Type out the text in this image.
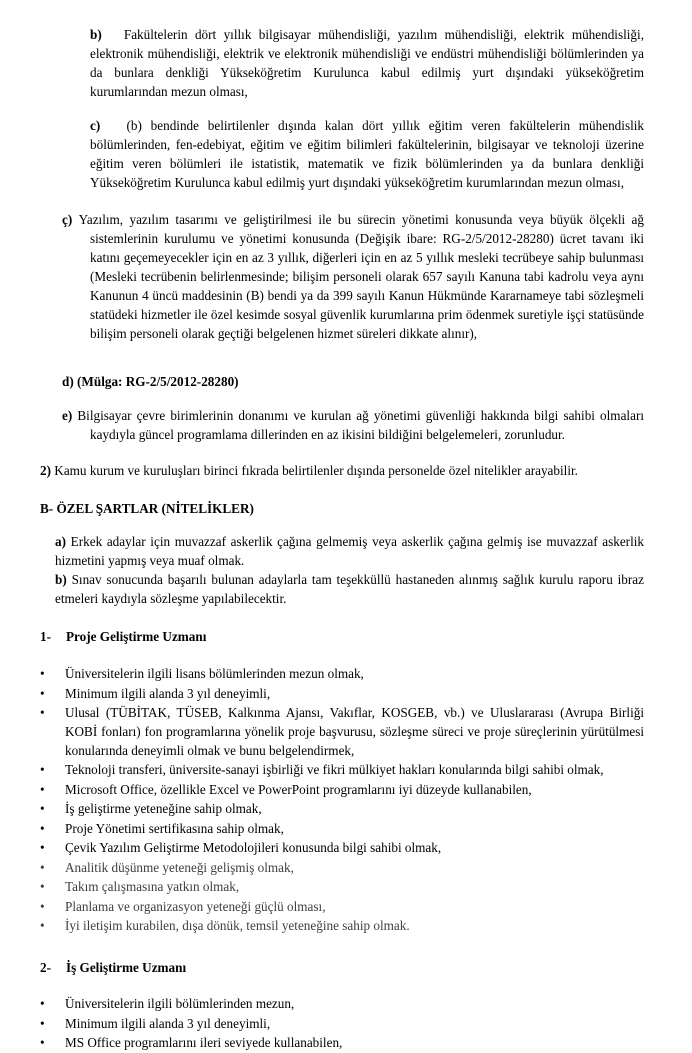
b) Fakültelerin dört yıllık bilgisayar mühendisliği, yazılım mühendisliği, elektrik mühendisliği, elektronik mühendisliği, elektrik ve elektronik mühendisliği ve endüstri mühendisliği bölümlerinden ya da bunlara denkliği Yükseköğretim Kurulunca kabul edilmiş yurt dışındaki yükseköğretim kurumlarından mezun olması,

c) (b) bendinde belirtilenler dışında kalan dört yıllık eğitim veren fakültelerin mühendislik bölümlerinden, fen-edebiyat, eğitim ve eğitim bilimleri fakültelerinin, bilgisayar ve teknoloji üzerine eğitim veren bölümleri ile istatistik, matematik ve fizik bölümlerinden ya da bunlara denkliği Yükseköğretim Kurulunca kabul edilmiş yurt dışındaki yükseköğretim kurumlarından mezun olması,

ç) Yazılım, yazılım tasarımı ve geliştirilmesi ile bu sürecin yönetimi konusunda veya büyük ölçekli ağ sistemlerinin kurulumu ve yönetimi konusunda (Değişik ibare: RG-2/5/2012-28280) ücret tavanı iki katını geçemeyecekler için en az 3 yıllık, diğerleri için en az 5 yıllık mesleki tecrübeye sahip bulunması (Mesleki tecrübenin belirlenmesinde; bilişim personeli olarak 657 sayılı Kanuna tabi kadrolu veya aynı Kanunun 4 üncü maddesinin (B) bendi ya da 399 sayılı Kanun Hükmünde Kararnameye tabi sözleşmeli statüdeki hizmetler ile özel kesimde sosyal güvenlik kurumlarına prim ödenmek suretiyle işçi statüsünde bilişim personeli olarak geçtiği belgelenen hizmet süreleri dikkate alınır),

d) (Mülga: RG-2/5/2012-28280)

e) Bilgisayar çevre birimlerinin donanımı ve kurulan ağ yönetimi güvenliği hakkında bilgi sahibi olmaları kaydıyla güncel programlama dillerinden en az ikisini bildiğini belgelemeleri, zorunludur.

2) Kamu kurum ve kuruluşları birinci fıkrada belirtilenler dışında personelde özel nitelikler arayabilir.

B- ÖZEL ŞARTLAR (NİTELİKLER)

a) Erkek adaylar için muvazzaf askerlik çağına gelmemiş veya askerlik çağına gelmiş ise muvazzaf askerlik hizmetini yapmış veya muaf olmak.

b) Sınav sonucunda başarılı bulunan adaylarla tam teşekküllü hastaneden alınmış sağlık kurulu raporu ibraz etmeleri kaydıyla sözleşme yapılabilecektir.

1- Proje Geliştirme Uzmanı

• Üniversitelerin ilgili lisans bölümlerinden mezun olmak,
• Minimum ilgili alanda 3 yıl deneyimli,
• Ulusal (TÜBİTAK, TÜSEB, Kalkınma Ajansı, Vakıflar, KOSGEB, vb.) ve Uluslararası (Avrupa Birliği KOBİ fonları) fon programlarına yönelik proje başvurusu, sözleşme süreci ve proje süreçlerinin yürütülmesi konularında deneyimli olmak ve bunu belgelendirmek,
• Teknoloji transferi, üniversite-sanayi işbirliği ve fikri mülkiyet hakları konularında bilgi sahibi olmak,
• Microsoft Office, özellikle Excel ve PowerPoint programlarını iyi düzeyde kullanabilen,
• İş geliştirme yeteneğine sahip olmak,
• Proje Yönetimi sertifikasına sahip olmak,
• Çevik Yazılım Geliştirme Metodolojileri konusunda bilgi sahibi olmak,
• Analitik düşünme yeteneği gelişmiş olmak,
• Takım çalışmasına yatkın olmak,
• Planlama ve organizasyon yeteneği güçlü olması,
• İyi iletişim kurabilen, dışa dönük, temsil yeteneğine sahip olmak.

2- İş Geliştirme Uzmanı

• Üniversitelerin ilgili bölümlerinden mezun,
• Minimum ilgili alanda 3 yıl deneyimli,
• MS Office programlarını ileri seviyede kullanabilen,
